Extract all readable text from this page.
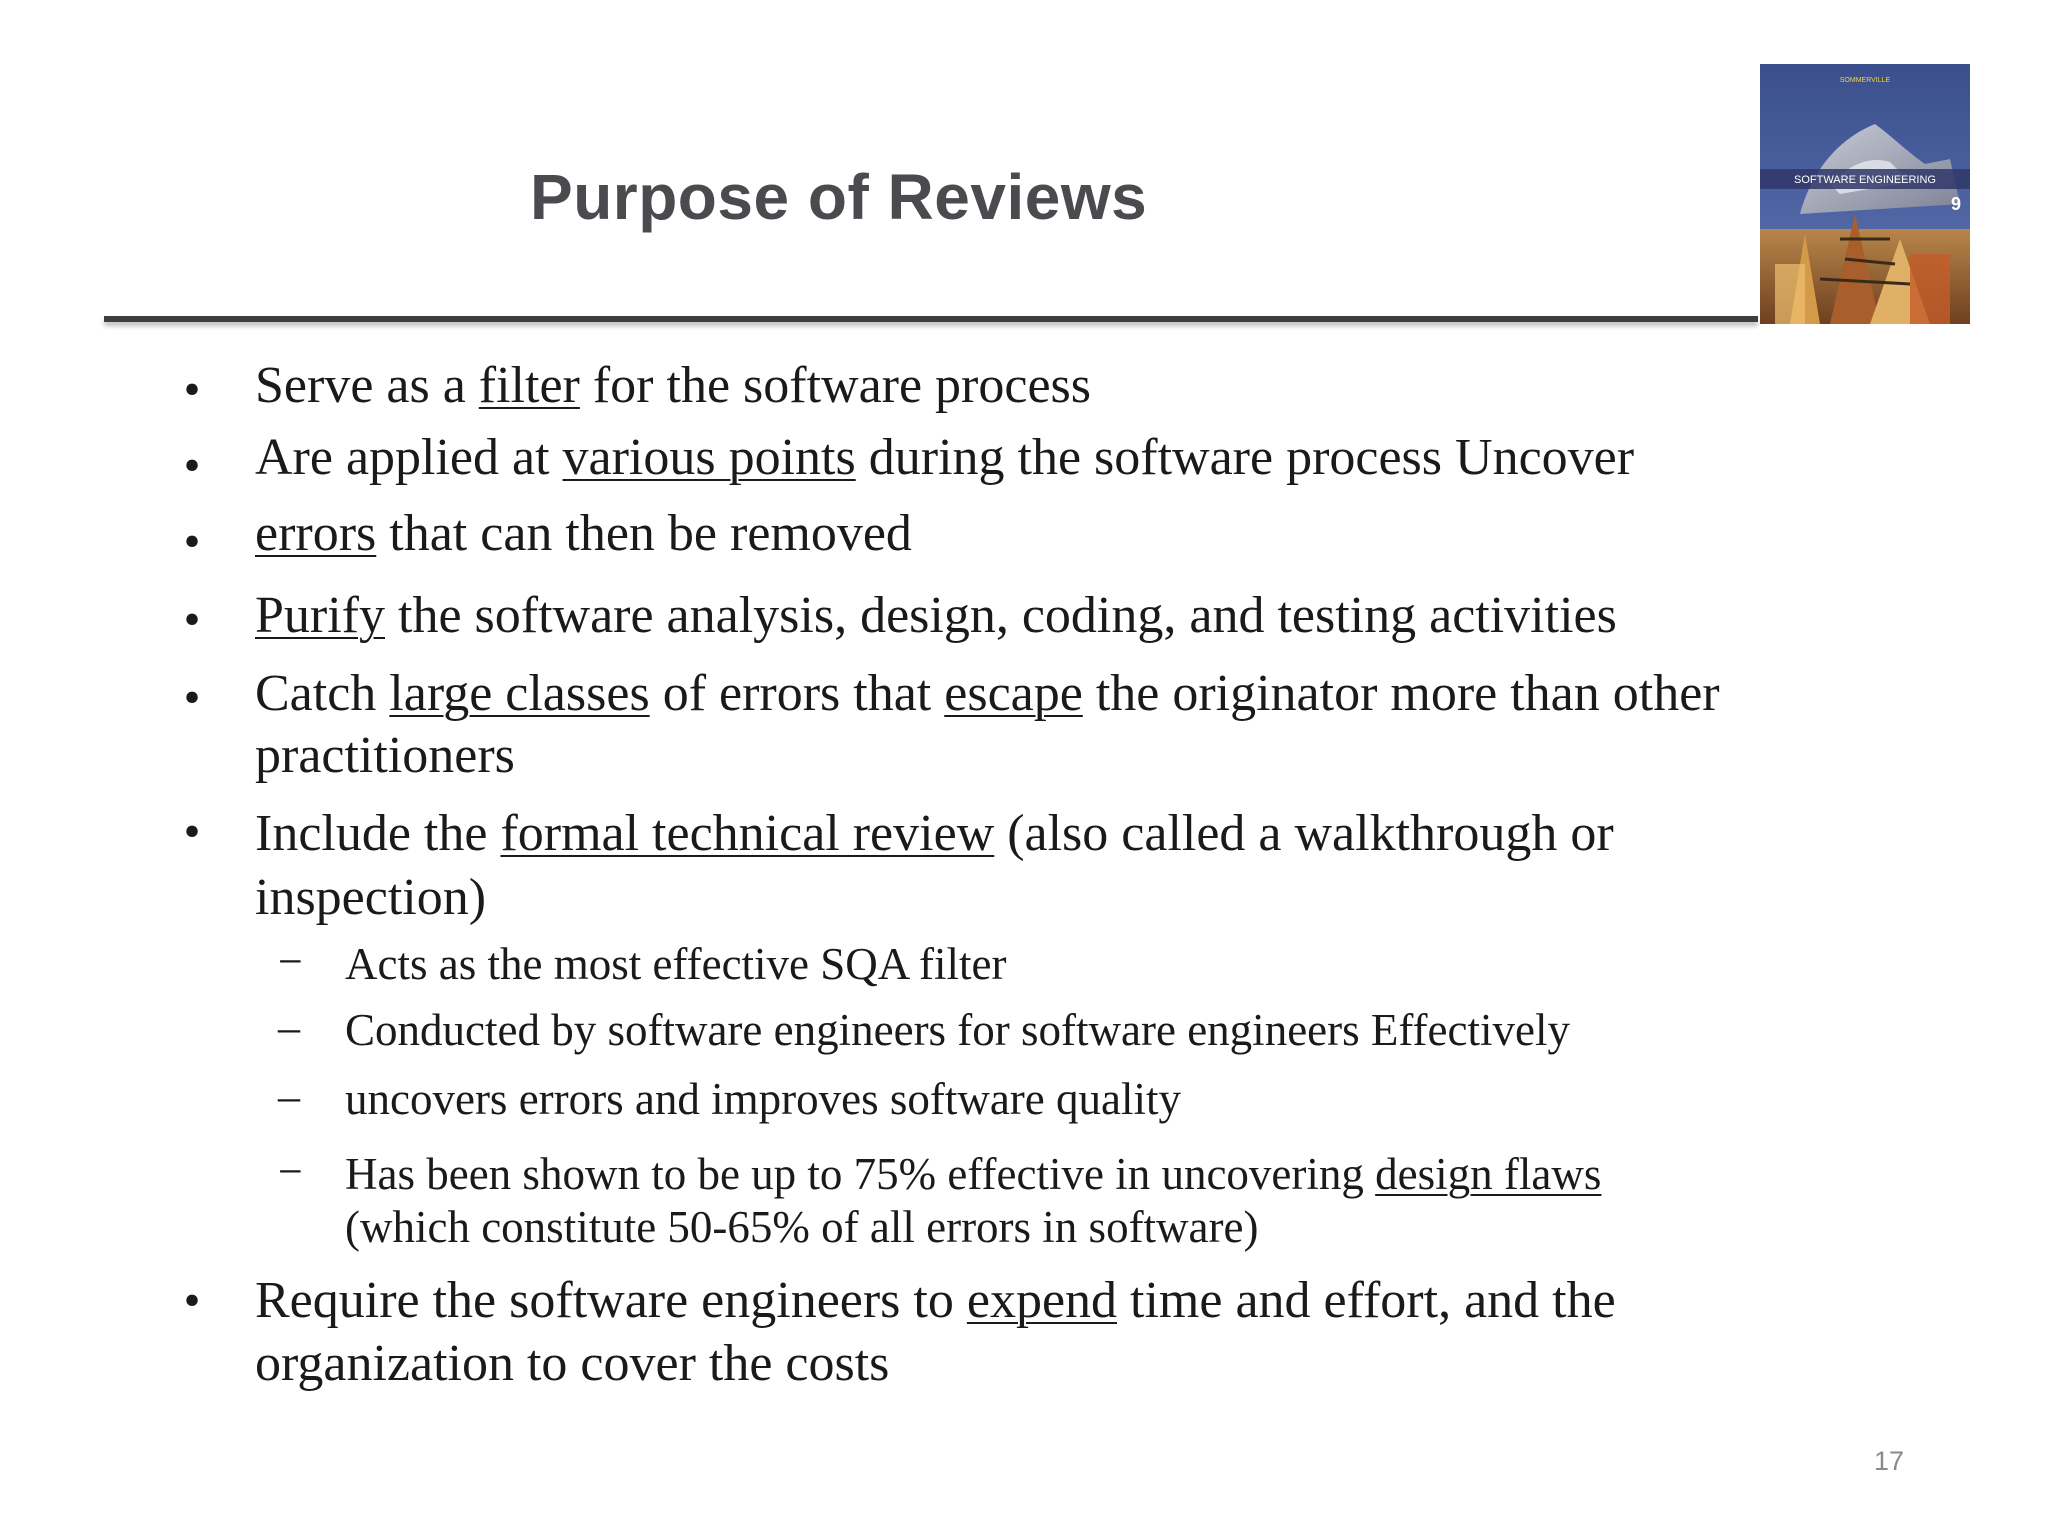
Purpose of Reviews	SOFTWARE ENGINEERING
9
SOMMERVILLE
• Serve as a filter for the software process
• Are applied at various points during the software process Uncover
• errors that can then be removed
• Purify the software analysis, design, coding, and testing activities
• Catch large classes of errors that escape the originator more than other
practitioners
• Include the formal technical review (also called a walkthrough or
inspection)
• Require the software engineers to expend time and effort, and the
organization to cover the costs
− Acts as the most effective SQA filter
– Conducted by software engineers for software engineers Effectively
– uncovers errors and improves software quality
− Has been shown to be up to 75% effective in uncovering design flaws
(which constitute 50-65% of all errors in software)
17
